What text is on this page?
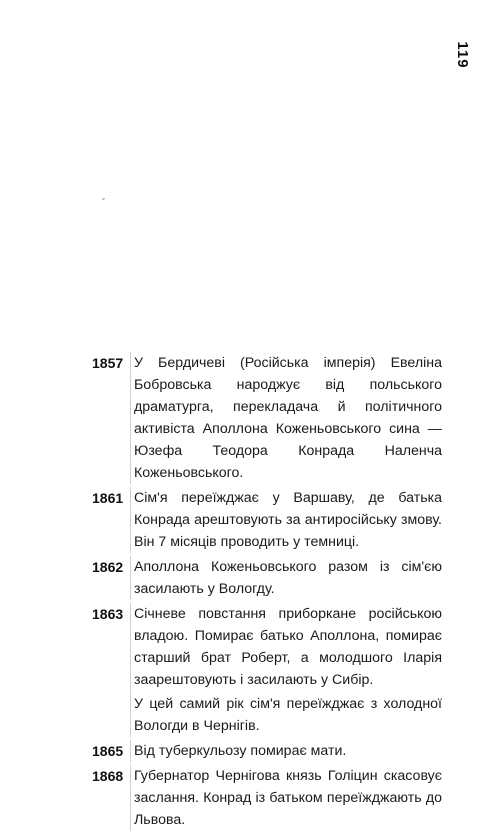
119
ˇ
1857 У Бердичеві (Російська імперія) Евеліна Бобровська народжує від польського драматурга, перекладача й політичного активіста Аполлона Коженьовського сина — Юзефа Теодора Конрада Наленча Коженьовського.

1861 Сім'я переїжджає у Варшаву, де батька Конрада арештовують за антиросійську змову. Він 7 місяців проводить у темниці.

1862 Аполлона Коженьовського разом із сім'єю засилають у Вологду.

1863 Січневе повстання приборкане російською владою. Помирає батько Аполлона, помирає старший брат Роберт, а молодшого Іларія заарештовують і засилають у Сибір.

У цей самий рік сім'я переїжджає з холодної Вологди в Чернігів.

1865 Від туберкульозу помирає мати.

1868 Губернатор Чернігова князь Голіцин скасовує заслання. Конрад із батьком переїжджають до Львова.
